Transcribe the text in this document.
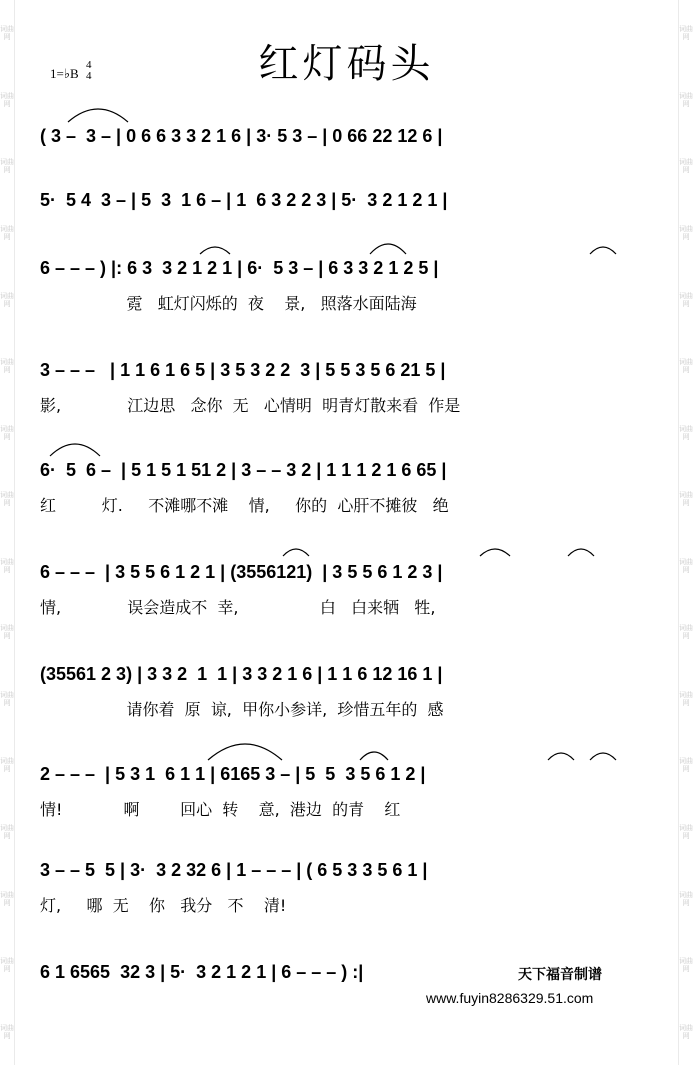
词曲网
词曲网
词曲网
词曲网
词曲网
词曲网
词曲网
词曲网
词曲网
词曲网
词曲网
词曲网
词曲网
词曲网
词曲网
词曲网
词曲网
词曲网
词曲网
词曲网
词曲网
词曲网
词曲网
词曲网
词曲网
词曲网
词曲网
词曲网
词曲网
词曲网
词曲网
词曲网
红灯码头
1=♭B
4
4
( 3 –  3 – | 0 6 6 3 3 2 1 6 | 3· 5 3 – | 0 66 22 12 6 |
5·  5 4  3 – | 5  3  1 6 – | 1  6 3 2 2 3 | 5·  3 2 1 2 1 |
6 – – – ) |: 6 3  3 2 1 2 1 | 6·  5 3 – | 6 3 3 2 1 2 5 |
霓   虹灯闪烁的  夜    景,   照落水面陆海
3 – – –   | 1 1 6 1 6 5 | 3 5 3 2 2  3 | 5 5 3 5 6 21 5 |
影,             江边思   念你  无   心情明  明青灯散来看  作是
6·  5  6 –  | 5 1 5 1 51 2 | 3 – – 3 2 | 1 1 1 2 1 6 65 |
红         灯.     不滩哪不滩    情,     你的  心肝不摊彼   绝
6 – – –  | 3 5 5 6 1 2 1 | (3556121)  | 3 5 5 6 1 2 3 |
情,             误会造成不  幸,                白   白来牺   牲,
(35561 2 3) | 3 3 2  1  1 | 3 3 2 1 6 | 1 1 6 12 16 1 |
请你着  原  谅,  甲你小参详,  珍惜五年的  感
2 – – –  | 5 3 1  6 1 1 | 6165 3 – | 5  5  3 5 6 1 2 |
情!            啊        回心  转    意,  港边  的青    红
3 – – 5  5 | 3·  3 2 32 6 | 1 – – – | ( 6 5 3 3 5 6 1 |
灯,     哪  无    你   我分   不    清!
6 1 6565  32 3 | 5·  3 2 1 2 1 | 6 – – – ) :|	天下福音制谱
www.fuyin8286329.51.com
